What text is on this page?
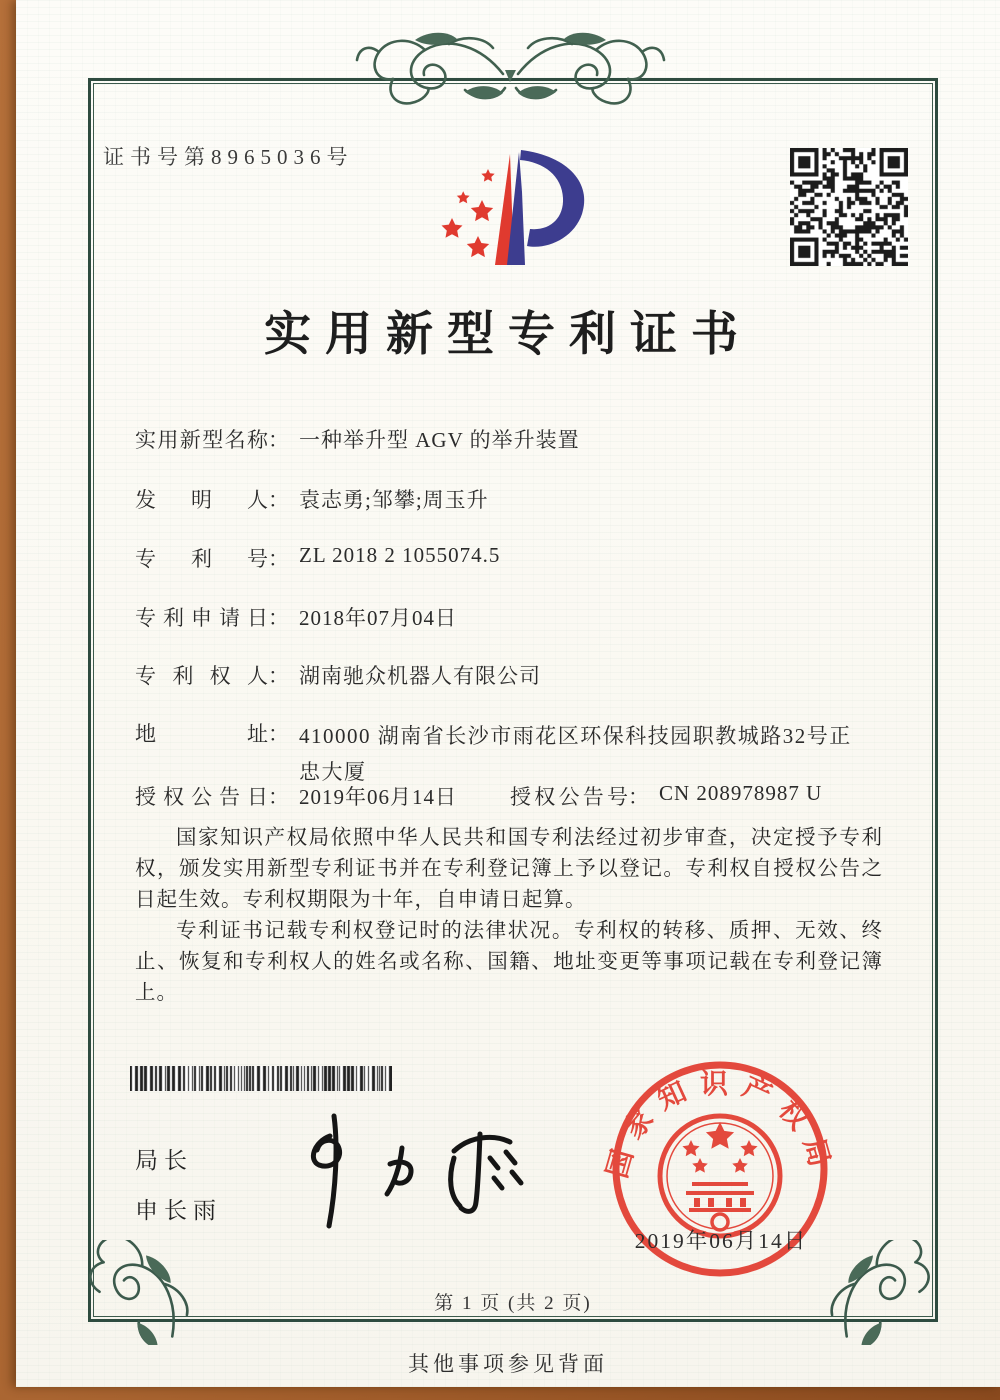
证书号第8965036号
实用新型专利证书
实用新型名称： 一种举升型 AGV 的举升装置
发明人： 袁志勇;邹攀;周玉升
专利号： ZL 2018 2 1055074.5
专利申请日： 2018年07月04日
专利权人： 湖南驰众机器人有限公司
地址： 410000 湖南省长沙市雨花区环保科技园职教城路32号正忠大厦
授权公告日： 2019年06月14日	授权公告号： CN 208978987 U

国家知识产权局依照中华人民共和国专利法经过初步审查，决定授予专利权，颁发实用新型专利证书并在专利登记簿上予以登记。专利权自授权公告之日起生效。专利权期限为十年，自申请日起算。

专利证书记载专利权登记时的法律状况。专利权的转移、质押、无效、终止、恢复和专利权人的姓名或名称、国籍、地址变更等事项记载在专利登记簿上。

局长
申长雨
国家知识产权局
2019年06月14日
第 1 页 (共 2 页)
其他事项参见背面
